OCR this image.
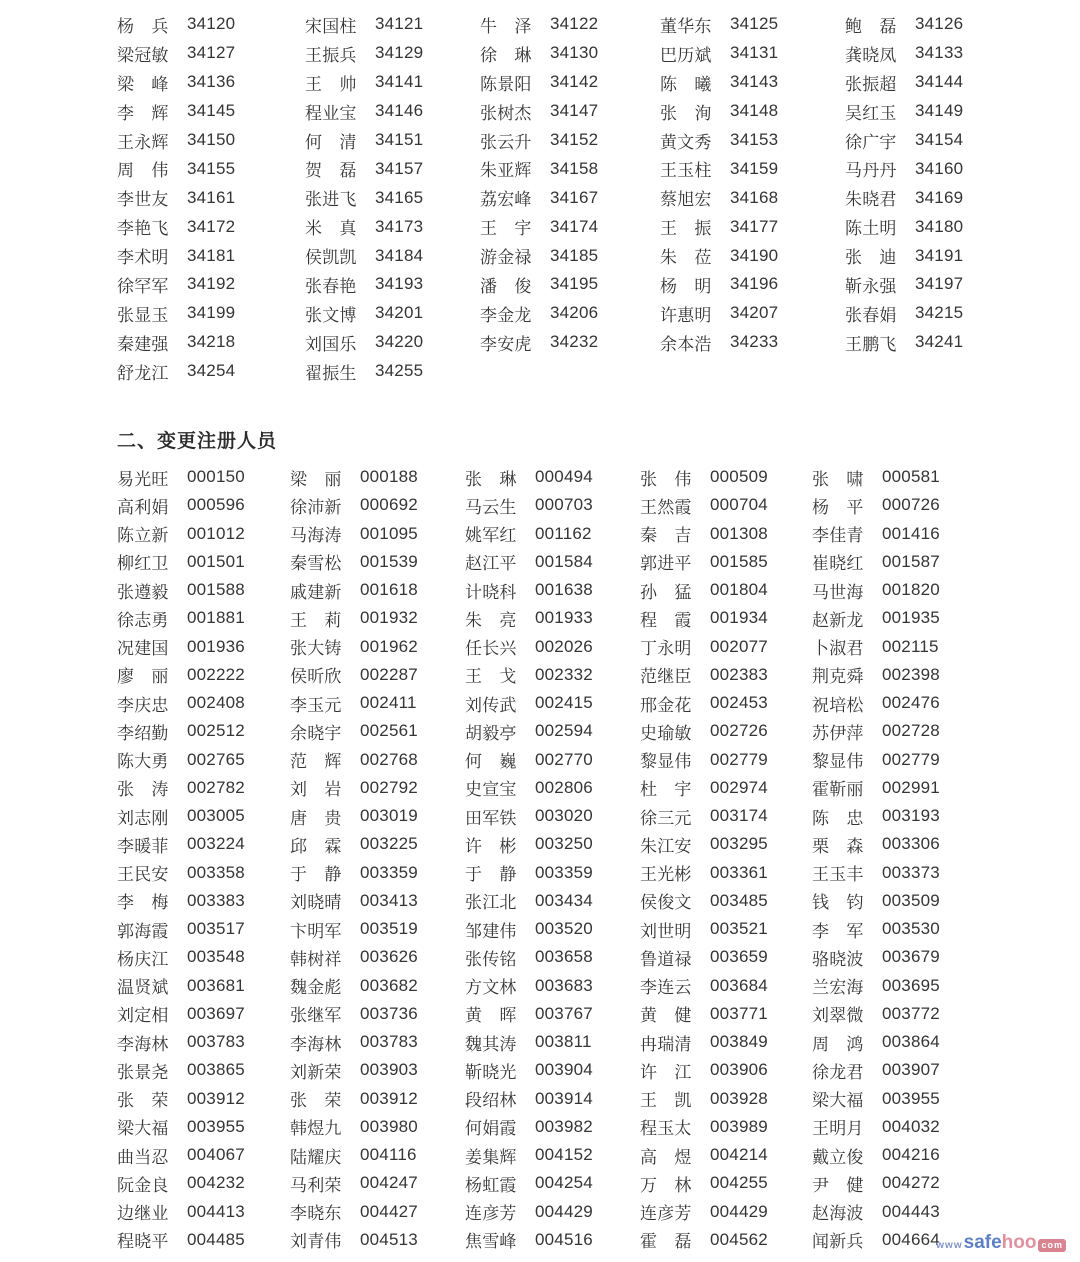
杨　兵	34120	宋国柱	34121	牛　泽	34122	董华东	34125	鲍　磊	34126
梁冠敏	34127	王振兵	34129	徐　琳	34130	巴历斌	34131	龚晓凤	34133
梁　峰	34136	王　帅	34141	陈景阳	34142	陈　曦	34143	张振超	34144
李　辉	34145	程业宝	34146	张树杰	34147	张　洵	34148	吴红玉	34149
王永辉	34150	何　清	34151	张云升	34152	黄文秀	34153	徐广宇	34154
周　伟	34155	贺　磊	34157	朱亚辉	34158	王玉柱	34159	马丹丹	34160
李世友	34161	张进飞	34165	荔宏峰	34167	蔡旭宏	34168	朱晓君	34169
李艳飞	34172	米　真	34173	王　宇	34174	王　振	34177	陈土明	34180
李术明	34181	侯凯凯	34184	游金禄	34185	朱　莅	34190	张　迪	34191
徐罕军	34192	张春艳	34193	潘　俊	34195	杨　明	34196	靳永强	34197
张显玉	34199	张文博	34201	李金龙	34206	许惠明	34207	张春娟	34215
秦建强	34218	刘国乐	34220	李安虎	34232	余本浩	34233	王鹏飞	34241
舒龙江	34254	翟振生	34255
二、变更注册人员
易光旺	000150	梁　丽	000188	张　琳	000494	张　伟	000509	张　啸	000581
高利娟	000596	徐沛新	000692	马云生	000703	王然霞	000704	杨　平	000726
陈立新	001012	马海涛	001095	姚军红	001162	秦　吉	001308	李佳青	001416
柳红卫	001501	秦雪松	001539	赵江平	001584	郭进平	001585	崔晓红	001587
张遵毅	001588	戚建新	001618	计晓科	001638	孙　猛	001804	马世海	001820
徐志勇	001881	王　莉	001932	朱　亮	001933	程　霞	001934	赵新龙	001935
况建国	001936	张大铸	001962	任长兴	002026	丁永明	002077	卜淑君	002115
廖　丽	002222	侯昕欣	002287	王　戈	002332	范继臣	002383	荆克舜	002398
李庆忠	002408	李玉元	002411	刘传武	002415	邢金花	002453	祝培松	002476
李绍勤	002512	余晓宇	002561	胡毅亭	002594	史瑜敏	002726	苏伊萍	002728
陈大勇	002765	范　辉	002768	何　巍	002770	黎显伟	002779	黎显伟	002779
张　涛	002782	刘　岩	002792	史宣宝	002806	杜　宇	002974	霍靳丽	002991
刘志刚	003005	唐　贵	003019	田军铁	003020	徐三元	003174	陈　忠	003193
李暖菲	003224	邱　霖	003225	许　彬	003250	朱江安	003295	栗　森	003306
王民安	003358	于　静	003359	于　静	003359	王光彬	003361	王玉丰	003373
李　梅	003383	刘晓晴	003413	张江北	003434	侯俊文	003485	钱　钧	003509
郭海霞	003517	卞明军	003519	邹建伟	003520	刘世明	003521	李　军	003530
杨庆江	003548	韩树祥	003626	张传铭	003658	鲁道禄	003659	骆晓波	003679
温贤斌	003681	魏金彪	003682	方文林	003683	李连云	003684	兰宏海	003695
刘定相	003697	张继军	003736	黄　晖	003767	黄　健	003771	刘翠微	003772
李海林	003783	李海林	003783	魏其涛	003811	冉瑞清	003849	周　鸿	003864
张景尧	003865	刘新荣	003903	靳晓光	003904	许　江	003906	徐龙君	003907
张　荣	003912	张　荣	003912	段绍林	003914	王　凯	003928	梁大福	003955
梁大福	003955	韩煜九	003980	何娟霞	003982	程玉太	003989	王明月	004032
曲当忍	004067	陆耀庆	004116	姜集辉	004152	高　煜	004214	戴立俊	004216
阮金良	004232	马利荣	004247	杨虹霞	004254	万　林	004255	尹　健	004272
边继业	004413	李晓东	004427	连彦芳	004429	连彦芳	004429	赵海波	004443
程晓平	004485	刘青伟	004513	焦雪峰	004516	霍　磊	004562	闻新兵	004664
www safe hoo com
